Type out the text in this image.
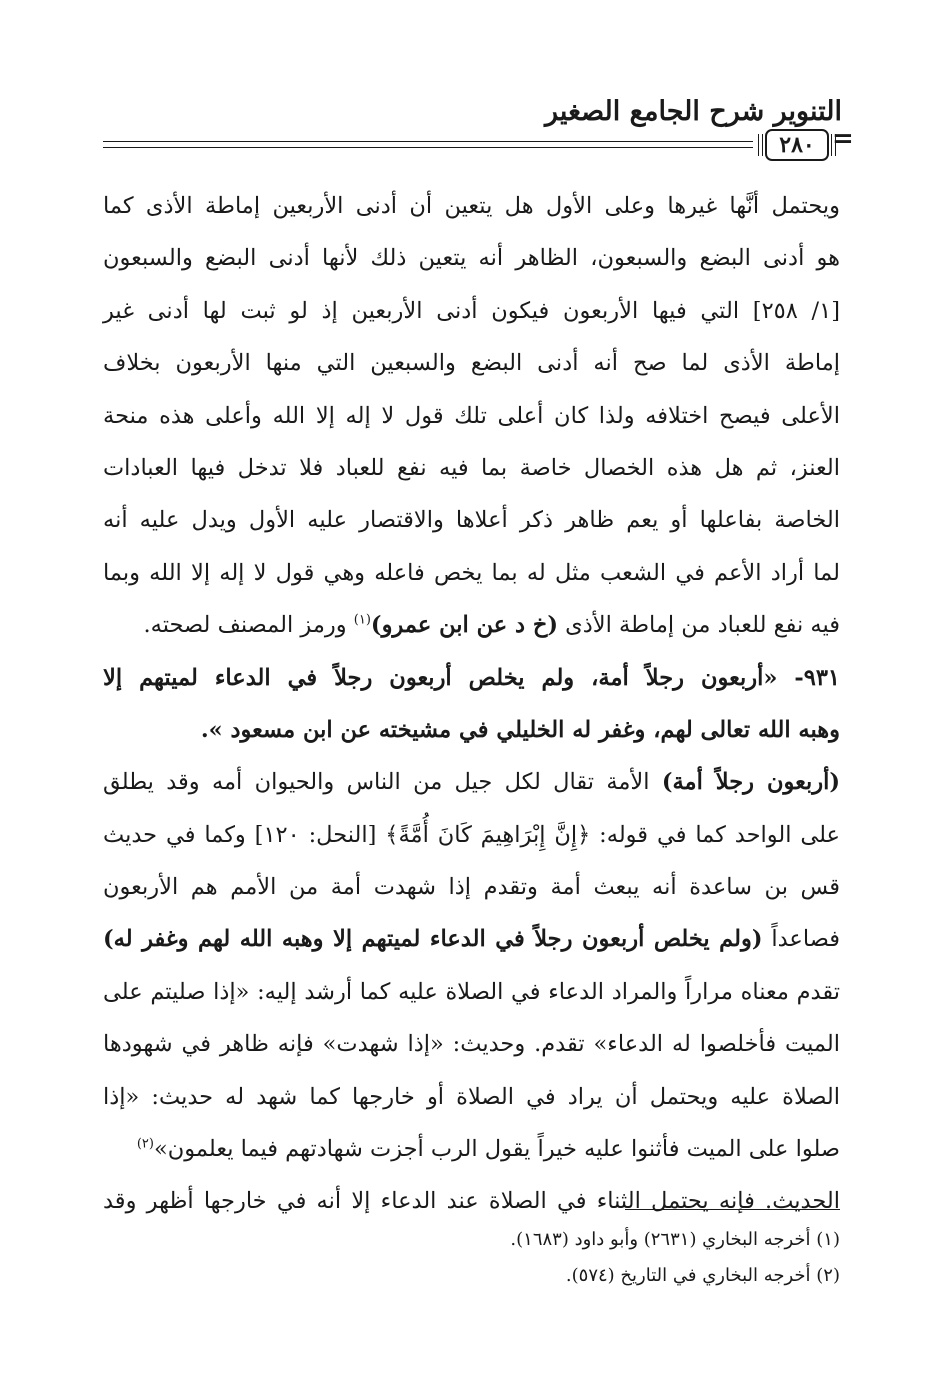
التنوير شرح الجامع الصغير
٢٨٠ =
ويحتمل أنَّها غيرها وعلى الأول هل يتعين أن أدنى الأربعين إماطة الأذى كما
هو أدنى البضع والسبعون، الظاهر أنه يتعين ذلك لأنها أدنى البضع والسبعون
[١/ ٢٥٨] التي فيها الأربعون فيكون أدنى الأربعين إذ لو ثبت لها أدنى غير
إماطة الأذى لما صح أنه أدنى البضع والسبعين التي منها الأربعون بخلاف
الأعلى فيصح اختلافه ولذا كان أعلى تلك قول لا إله إلا الله وأعلى هذه منحة
العنز، ثم هل هذه الخصال خاصة بما فيه نفع للعباد فلا تدخل فيها العبادات
الخاصة بفاعلها أو يعم ظاهر ذكر أعلاها والاقتصار عليه الأول ويدل عليه أنه
لما أراد الأعم في الشعب مثل له بما يخص فاعله وهي قول لا إله إلا الله وبما
فيه نفع للعباد من إماطة الأذى (خ د عن ابن عمرو)$^{(١)}$ ورمز المصنف لصحته.
٩٣١- «أربعون رجلاً أمة، ولم يخلص أربعون رجلاً في الدعاء لميتهم إلا
وهبه الله تعالى لهم، وغفر له الخليلي في مشيخته عن ابن مسعود ».
(أربعون رجلاً أمة) الأمة تقال لكل جيل من الناس والحيوان أمه وقد يطلق
على الواحد كما في قوله: ﴿إِنَّ إِبْرَاهِيمَ كَانَ أُمَّةً﴾ [النحل: ١٢٠] وكما في حديث
قس بن ساعدة أنه يبعث أمة وتقدم إذا شهدت أمة من الأمم هم الأربعون
فصاعداً (ولم يخلص أربعون رجلاً في الدعاء لميتهم إلا وهبه الله لهم وغفر له)
تقدم معناه مراراً والمراد الدعاء في الصلاة عليه كما أرشد إليه: «إذا صليتم على
الميت فأخلصوا له الدعاء» تقدم. وحديث: «إذا شهدت» فإنه ظاهر في شهودها
الصلاة عليه ويحتمل أن يراد في الصلاة أو خارجها كما شهد له حديث: «إذا
صلوا على الميت فأثنوا عليه خيراً يقول الرب أجزت شهادتهم فيما يعلمون»$^{(٢)}$
الحديث. فإنه يحتمل الثناء في الصلاة عند الدعاء إلا أنه في خارجها أظهر وقد
(١) أخرجه البخاري (٢٦٣١) وأبو داود (١٦٨٣).
(٢) أخرجه البخاري في التاريخ (٥٧٤).
